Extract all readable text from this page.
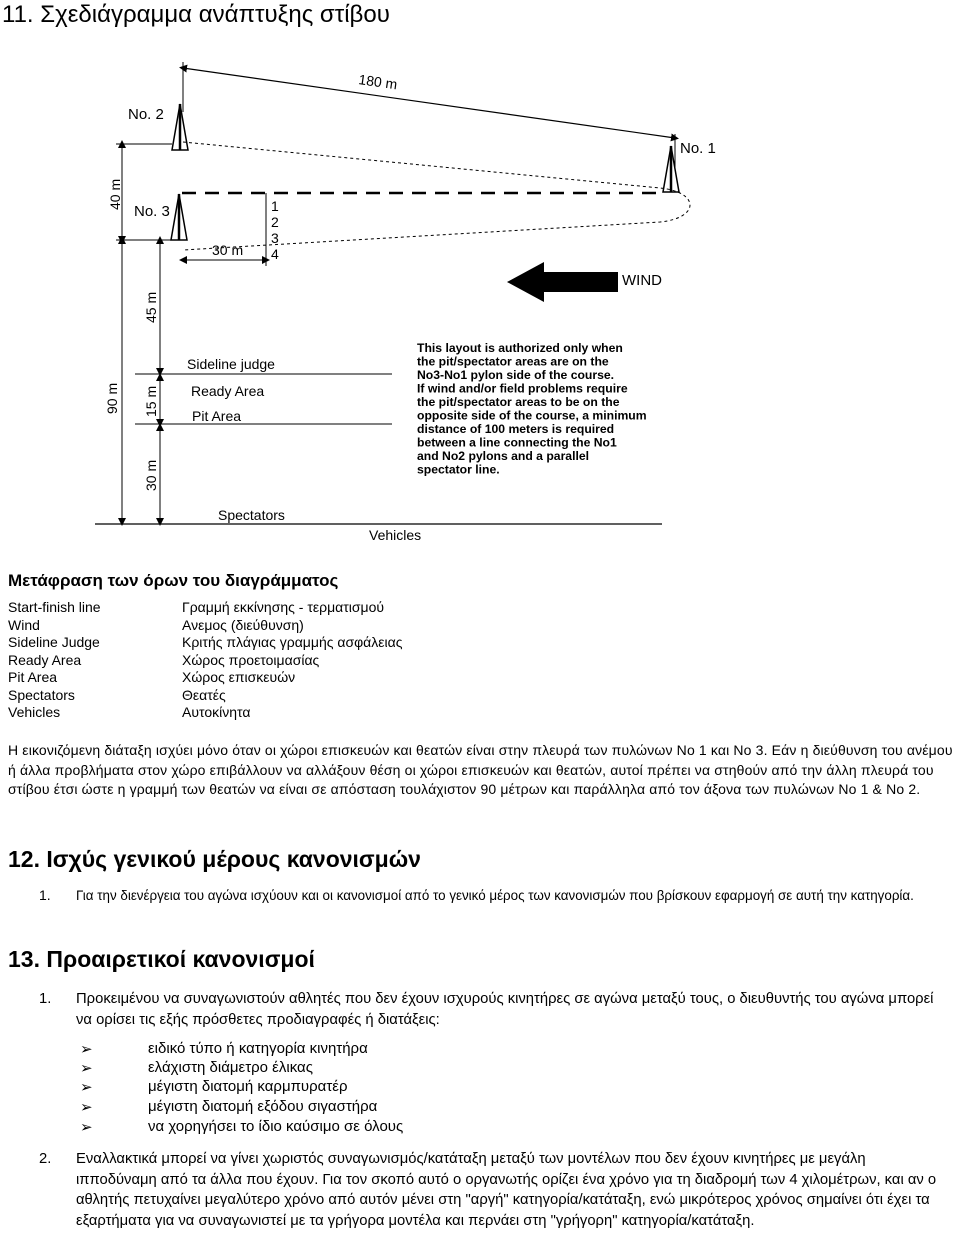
11. Σχεδιάγραμμα ανάπτυξης στίβου
180 m
No. 2
No. 1
No. 3	1
2
3
4
30 m
40 m
WIND
90 m
45 m
15 m
30 m
Sideline judge
Ready Area
Pit Area
Spectators
Vehicles
This layout is authorized only when
the pit/spectator areas are on the
No3-No1 pylon side of the course.
If wind and/or field problems require
the pit/spectator areas to be on the
opposite side of the course, a minimum
distance of 100 meters is required
between a line connecting the No1
and No2 pylons and a parallel
spectator line.
Μετάφραση των όρων του διαγράμματος
Start-finish line	Γραμμή εκκίνησης - τερματισμού
Wind	Ανεμος (διεύθυνση)
Sideline Judge	Κριτής πλάγιας γραμμής ασφάλειας
Ready Area	Χώρος προετοιμασίας
Pit Area	Χώρος επισκευών
Spectators	Θεατές
Vehicles	Αυτοκίνητα

Η εικονιζόμενη διάταξη ισχύει μόνο όταν οι χώροι επισκευών και θεατών είναι στην πλευρά των πυλώνων Νο 1 και Νο 3. Εάν η διεύθυνση του ανέμου ή άλλα προβλήματα στον χώρο επιβάλλουν να αλλάξουν θέση οι χώροι επισκευών και θεατών, αυτοί πρέπει να στηθούν από την άλλη πλευρά του στίβου έτσι ώστε η γραμμή των θεατών να είναι σε απόσταση τουλάχιστον 90 μέτρων και παράλληλα από τον άξονα των πυλώνων Νο 1 & Νο 2.

12. Ισχύς γενικού μέρους κανονισμών
1. Για την διενέργεια του αγώνα ισχύουν και οι κανονισμοί από το γενικό μέρος των κανονισμών που βρίσκουν εφαρμογή σε αυτή την κατηγορία.

13. Προαιρετικοί κανονισμοί
1. Προκειμένου να συναγωνιστούν αθλητές που δεν έχουν ισχυρούς κινητήρες σε αγώνα μεταξύ τους, ο διευθυντής του αγώνα μπορεί να ορίσει τις εξής πρόσθετες προδιαγραφές ή διατάξεις:

➢	ειδικό τύπο ή κατηγορία κινητήρα
➢	ελάχιστη διάμετρο έλικας
➢	μέγιστη διατομή καρμπυρατέρ
➢	μέγιστη διατομή εξόδου σιγαστήρα
➢	να χορηγήσει το ίδιο καύσιμο σε όλους
2. Εναλλακτικά μπορεί να γίνει χωριστός συναγωνισμός/κατάταξη μεταξύ των μοντέλων που δεν έχουν κινητήρες με μεγάλη ιπποδύναμη από τα άλλα που έχουν. Για τον σκοπό αυτό ο οργανωτής ορίζει ένα χρόνο για τη διαδρομή των 4 χιλομέτρων, και αν ο αθλητής πετυχαίνει μεγαλύτερο χρόνο από αυτόν μένει στη "αργή" κατηγορία/κατάταξη, ενώ μικρότερος χρόνος σημαίνει ότι έχει τα εξαρτήματα για να συναγωνιστεί με τα γρήγορα μοντέλα και περνάει στη "γρήγορη" κατηγορία/κατάταξη.
